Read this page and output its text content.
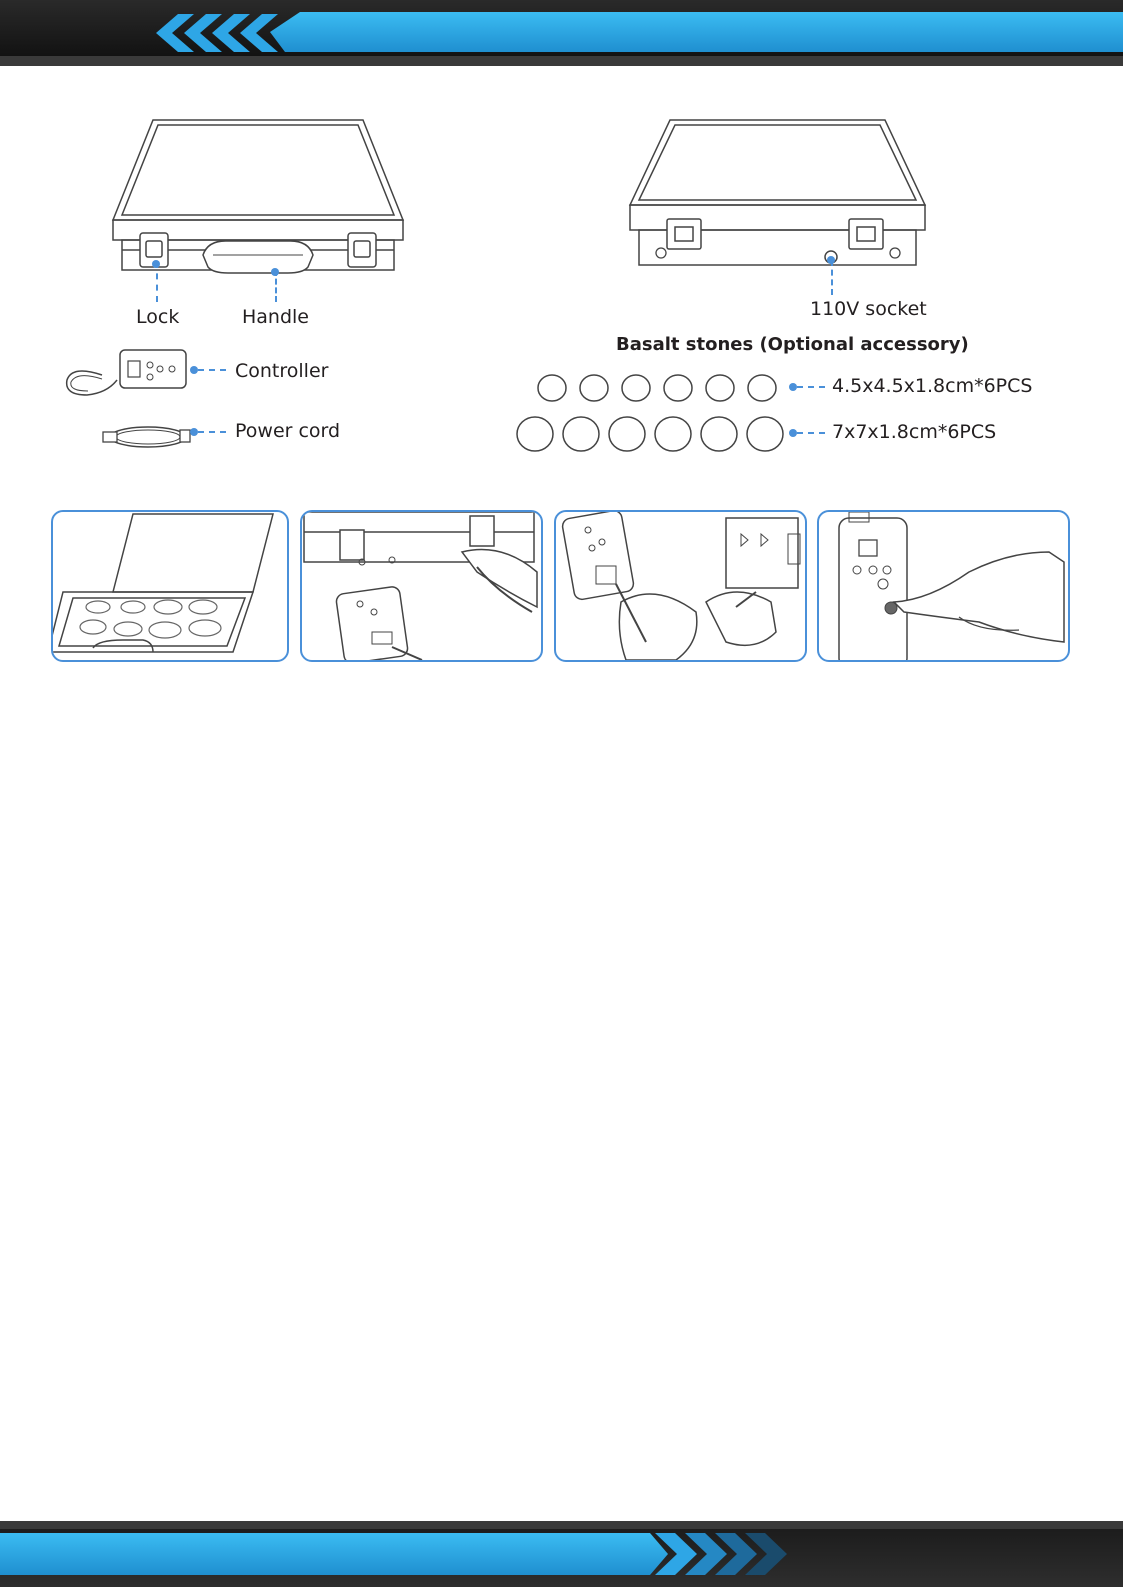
Lock	Handle	110V socket
Controller
Power cord
Basalt stones (Optional accessory)
4.5x4.5x1.8cm*6PCS
7x7x1.8cm*6PCS
